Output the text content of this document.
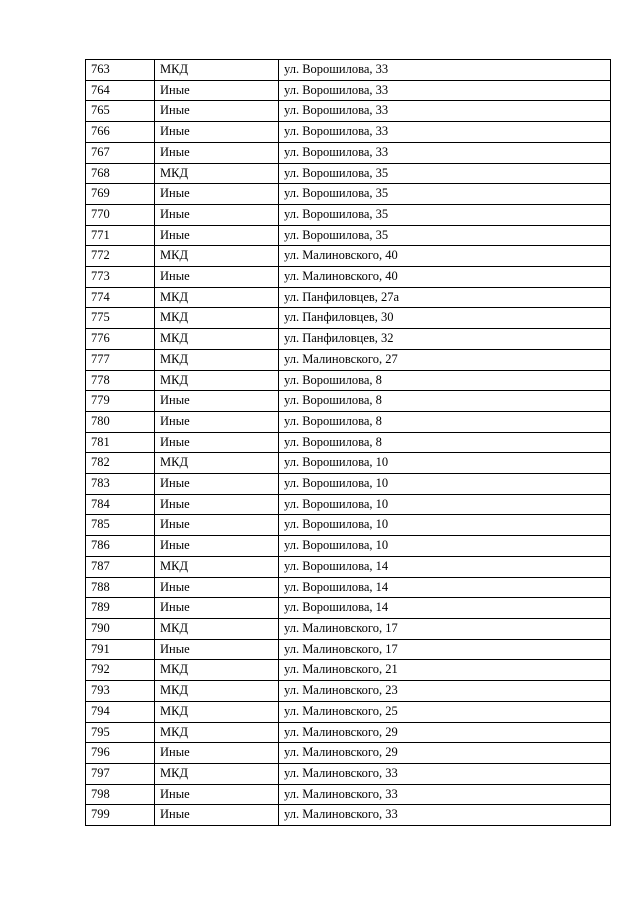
763	МКД	ул. Ворошилова, 33
764	Иные	ул. Ворошилова, 33
765	Иные	ул. Ворошилова, 33
766	Иные	ул. Ворошилова, 33
767	Иные	ул. Ворошилова, 33
768	МКД	ул. Ворошилова, 35
769	Иные	ул. Ворошилова, 35
770	Иные	ул. Ворошилова, 35
771	Иные	ул. Ворошилова, 35
772	МКД	ул. Малиновского, 40
773	Иные	ул. Малиновского, 40
774	МКД	ул. Панфиловцев, 27а
775	МКД	ул. Панфиловцев, 30
776	МКД	ул. Панфиловцев, 32
777	МКД	ул. Малиновского, 27
778	МКД	ул. Ворошилова, 8
779	Иные	ул. Ворошилова, 8
780	Иные	ул. Ворошилова, 8
781	Иные	ул. Ворошилова, 8
782	МКД	ул. Ворошилова, 10
783	Иные	ул. Ворошилова, 10
784	Иные	ул. Ворошилова, 10
785	Иные	ул. Ворошилова, 10
786	Иные	ул. Ворошилова, 10
787	МКД	ул. Ворошилова, 14
788	Иные	ул. Ворошилова, 14
789	Иные	ул. Ворошилова, 14
790	МКД	ул. Малиновского, 17
791	Иные	ул. Малиновского, 17
792	МКД	ул. Малиновского, 21
793	МКД	ул. Малиновского, 23
794	МКД	ул. Малиновского, 25
795	МКД	ул. Малиновского, 29
796	Иные	ул. Малиновского, 29
797	МКД	ул. Малиновского, 33
798	Иные	ул. Малиновского, 33
799	Иные	ул. Малиновского, 33
